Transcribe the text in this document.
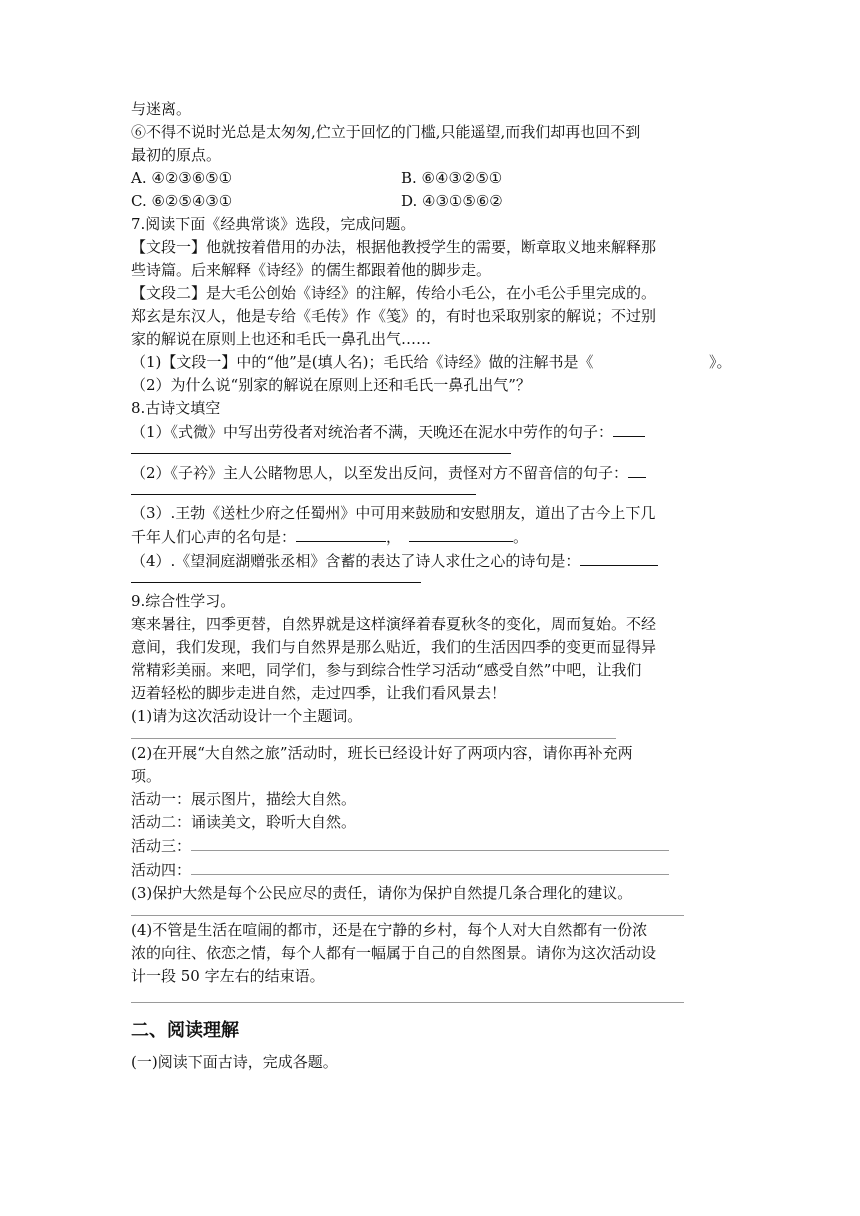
与迷离。
⑥不得不说时光总是太匆匆,伫立于回忆的门槛,只能遥望,而我们却再也回不到
最初的原点。
A. ④②③⑥⑤①	B. ⑥④③②⑤①
C. ⑥②⑤④③①	D. ④③①⑤⑥②
7.阅读下面《经典常谈》选段，完成问题。
【文段一】他就按着借用的办法，根据他教授学生的需要，断章取义地来解释那
些诗篇。后来解释《诗经》的儒生都跟着他的脚步走。
【文段二】是大毛公创始《诗经》的注解，传给小毛公，在小毛公手里完成的。
郑玄是东汉人，他是专给《毛传》作《笺》的，有时也采取别家的解说；不过别
家的解说在原则上也还和毛氏一鼻孔出气……
（1)【文段一】中的“他”是(填人名)；毛氏给《诗经》做的注解书是《	》。
（2）为什么说“别家的解说在原则上还和毛氏一鼻孔出气”？
8.古诗文填空
（1）《式微》中写出劳役者对统治者不满，天晚还在泥水中劳作的句子：
（2）《子衿》主人公睹物思人，以至发出反问，责怪对方不留音信的句子：
（3）.王勃《送杜少府之任蜀州》中可用来鼓励和安慰朋友，道出了古今上下几
千年人们心声的名句是：	，	。
（4）.《望洞庭湖赠张丞相》含蓄的表达了诗人求仕之心的诗句是：
9.综合性学习。
寒来暑往，四季更替，自然界就是这样演绎着春夏秋冬的变化，周而复始。不经
意间，我们发现，我们与自然界是那么贴近，我们的生活因四季的变更而显得异
常精彩美丽。来吧，同学们，参与到综合性学习活动“感受自然”中吧，让我们
迈着轻松的脚步走进自然，走过四季，让我们看风景去！
(1)请为这次活动设计一个主题词。
(2)在开展“大自然之旅”活动时，班长已经设计好了两项内容，请你再补充两
项。
活动一：展示图片，描绘大自然。
活动二：诵读美文，聆听大自然。
活动三：
活动四：
(3)保护大然是每个公民应尽的责任，请你为保护自然提几条合理化的建议。
(4)不管是生活在喧闹的都市，还是在宁静的乡村，每个人对大自然都有一份浓
浓的向往、依恋之情，每个人都有一幅属于自己的自然图景。请你为这次活动设
计一段 50 字左右的结束语。
二、阅读理解
(一)阅读下面古诗，完成各题。
